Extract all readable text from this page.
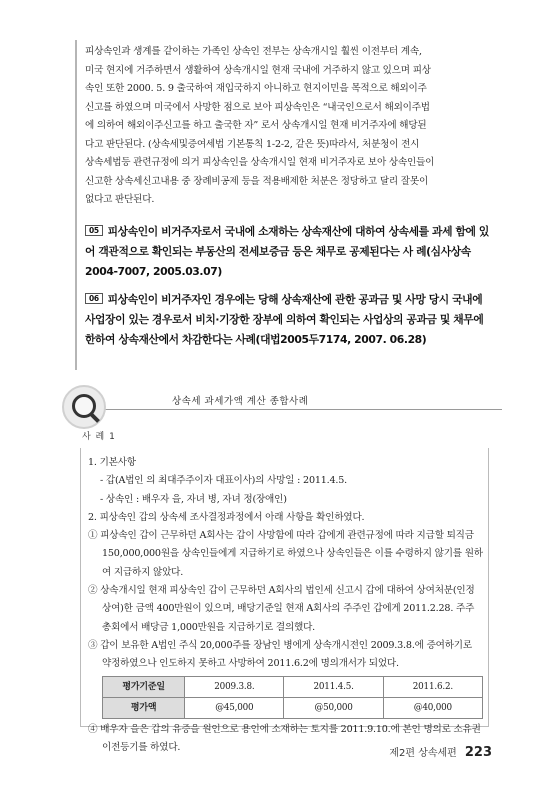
피상속인과 생계를 같이하는 가족인 상속인 전부는 상속개시일 훨씬 이전부터 계속,

미국 현지에 거주하면서 생활하여 상속개시일 현재 국내에 거주하지 않고 있으며 피상

속인 또한 2000. 5. 9 출국하여 재입국하지 아니하고 현지이민을 목적으로 해외이주

신고를 하였으며 미국에서 사망한 점으로 보아 피상속인은 “내국인으로서 해외이주법

에 의하여 해외이주신고를 하고 출국한 자” 로서 상속개시일 현재 비거주자에 해당된

다고 판단된다. (상속세및증여세법 기본통칙 1-2-2, 같은 뜻)따라서, 처분청이 전시

상속세법등 관련규정에 의거 피상속인을 상속개시일 현재 비거주자로 보아 상속인들이

신고한 상속세신고내용 중 장례비공제 등을 적용배제한 처분은 정당하고 달리 잘못이

없다고 판단된다.

05 피상속인이 비거주자로서 국내에 소재하는 상속재산에 대하여 상속세를 과세 함에 있어 객관적으로 확인되는 부동산의 전세보증금 등은 채무로 공제된다는 사 례(심사상속2004-7007, 2005.03.07)
06 피상속인이 비거주자인 경우에는 당해 상속재산에 관한 공과금 및 사망 당시 국내에 사업장이 있는 경우로서 비치·기장한 장부에 의하여 확인되는 사업상의 공과금 및 채무에 한하여 상속재산에서 차감한다는 사례(대법2005두7174, 2007. 06.28)
사 례 1
상속세 과세가액 계산 종합사례

1. 기본사항

- 갑(A법인 의 최대주주이자 대표이사)의 사망일 : 2011.4.5.

- 상속인 : 배우자 을, 자녀 병, 자녀 정(장애인)

2. 피상속인 갑의 상속세 조사결정과정에서 아래 사항을 확인하였다.

① 피상속인 갑이 근무하던 A회사는 갑이 사망함에 따라 갑에게 관련규정에 따라 지급할 퇴직금 150,000,000원을 상속인들에게 지급하기로 하였으나 상속인들은 이를 수령하지 않기를 원하여 지급하지 않았다.

② 상속개시일 현재 피상속인 갑이 근무하던 A회사의 법인세 신고시 갑에 대하여 상여처분(인정상여)한 금액 400만원이 있으며, 배당기준일 현재 A회사의 주주인 갑에게 2011.2.28. 주주총회에서 배당금 1,000만원을 지급하기로 결의했다.

③ 갑이 보유한 A법인 주식 20,000주를 장남인 병에게 상속개시전인 2009.3.8.에 증여하기로 약정하였으나 인도하지 못하고 사망하여 2011.6.2에 명의개서가 되었다.

평가기준일	2009.3.8.	2011.4.5.	2011.6.2.
평가액	@45,000	@50,000	@40,000

④ 배우자 을은 갑의 유증을 원인으로 용인에 소재하는 토지를 2011.9.10.에 본인 명의로 소유권이전등기를 하였다.

제2편 상속세편 223
